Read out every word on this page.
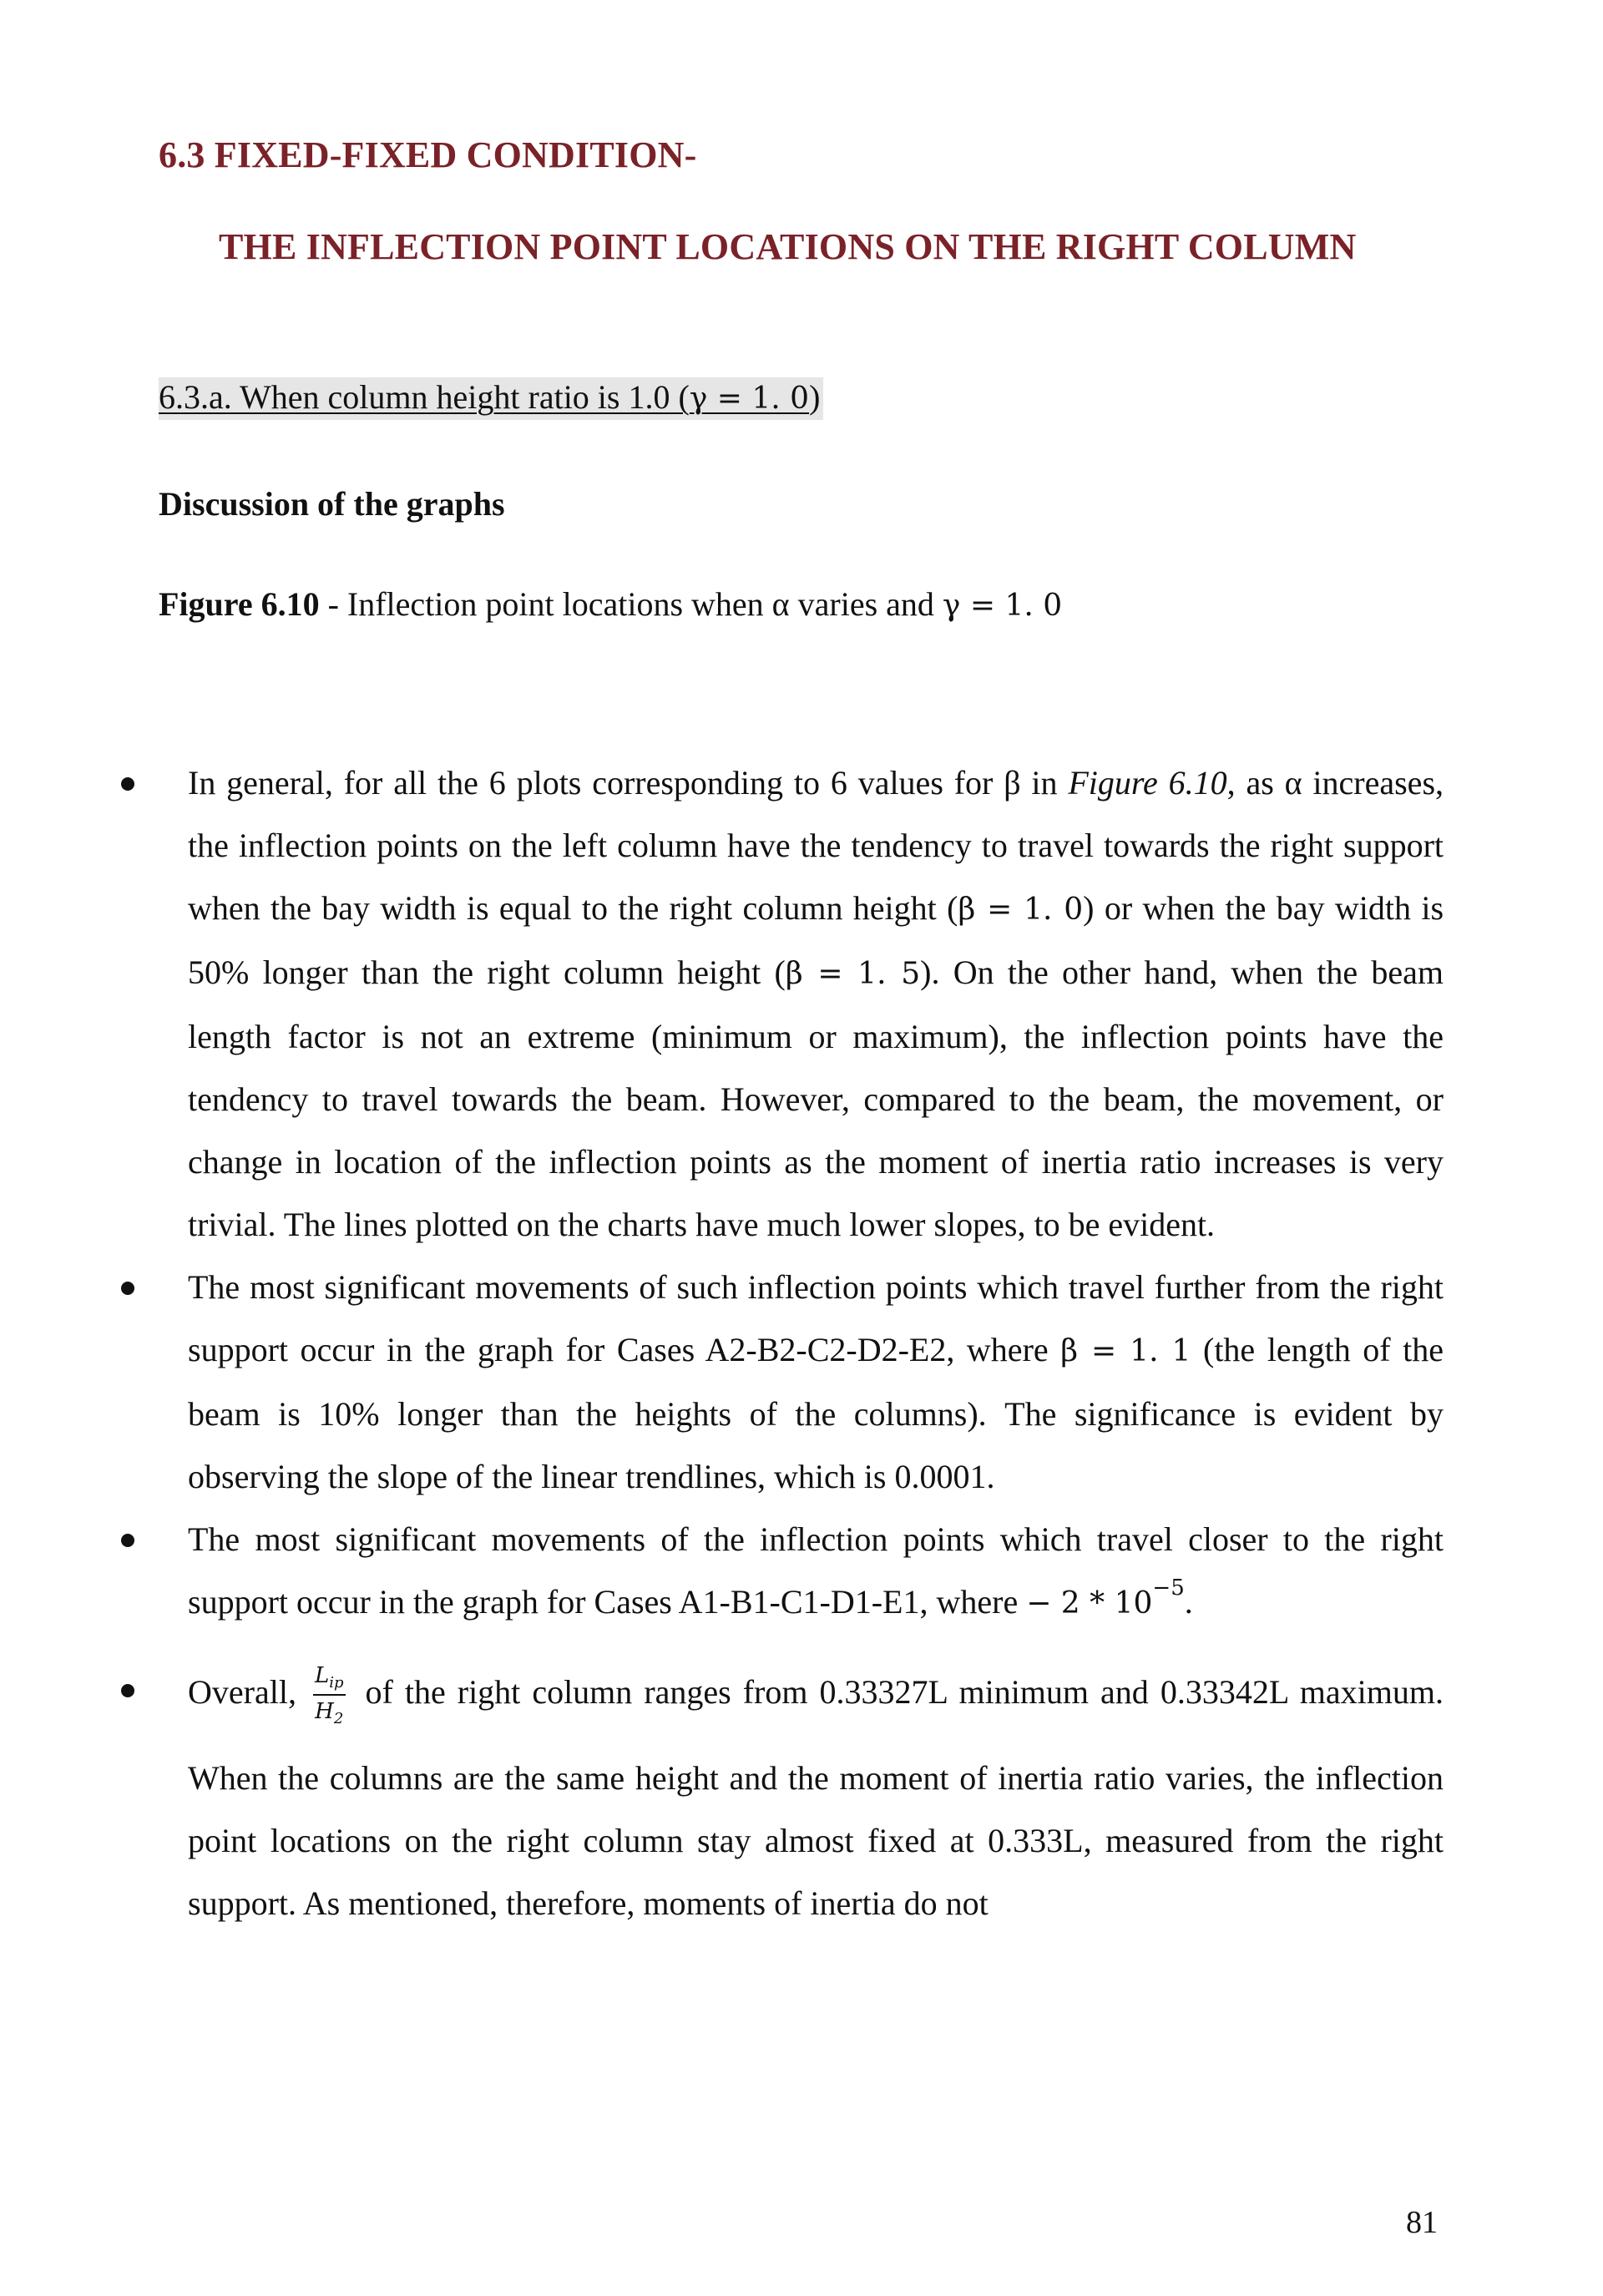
6.3 FIXED-FIXED CONDITION-
THE INFLECTION POINT LOCATIONS ON THE RIGHT COLUMN
6.3.a. When column height ratio is 1.0 (γ = 1. 0)
Discussion of the graphs
Figure 6.10 - Inflection point locations when α varies and γ = 1. 0

In general, for all the 6 plots corresponding to 6 values for β in Figure 6.10, as α increases, the inflection points on the left column have the tendency to travel towards the right support when the bay width is equal to the right column height (β = 1. 0) or when the bay width is 50% longer than the right column height (β = 1. 5). On the other hand, when the beam length factor is not an extreme (minimum or maximum), the inflection points have the tendency to travel towards the beam. However, compared to the beam, the movement, or change in location of the inflection points as the moment of inertia ratio increases is very trivial. The lines plotted on the charts have much lower slopes, to be evident.

The most significant movements of such inflection points which travel further from the right support occur in the graph for Cases A2-B2-C2-D2-E2, where β = 1. 1 (the length of the beam is 10% longer than the heights of the columns). The significance is evident by observing the slope of the linear trendlines, which is 0.0001.

The most significant movements of the inflection points which travel closer to the right support occur in the graph for Cases A1-B1-C1-D1-E1, where − $2 * 10^{-5}$.

Overall, $\frac{L_{ip}}{H_2}$ of the right column ranges from 0.33327L minimum and 0.33342L maximum. When the columns are the same height and the moment of inertia ratio varies, the inflection point locations on the right column stay almost fixed at 0.333L, measured from the right support. As mentioned, therefore, moments of inertia do not

81
